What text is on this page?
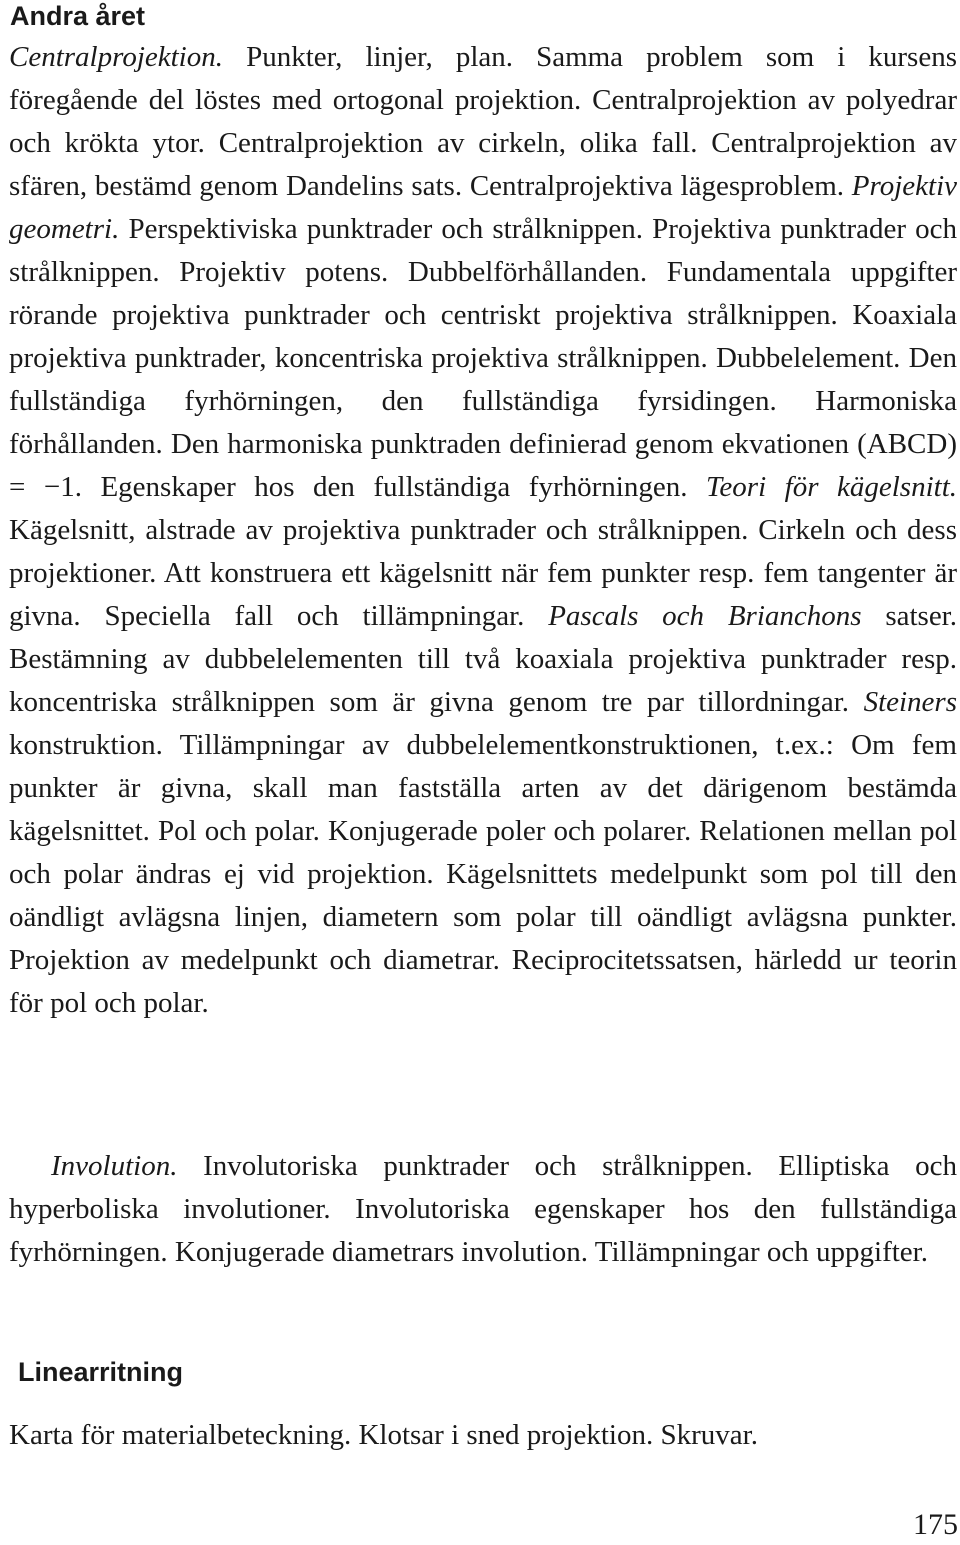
Andra året

Centralprojektion. Punkter, linjer, plan. Samma problem som i kursens föregående del löstes med ortogonal projektion. Centralprojektion av polyedrar och krökta ytor. Centralprojektion av cirkeln, olika fall. Centralprojektion av sfären, bestämd genom Dandelins sats. Centralprojektiva lägesproblem. Projektiv geometri. Perspektiviska punktrader och strålknippen. Projektiva punktrader och strålknippen. Projektiv potens. Dubbelförhållanden. Fundamentala uppgifter rörande projektiva punktrader och centriskt projektiva strålknippen. Koaxiala projektiva punktrader, koncentriska projektiva strålknippen. Dubbelelement. Den fullständiga fyrhörningen, den fullständiga fyrsidingen. Harmoniska förhållanden. Den harmoniska punktraden definierad genom ekvationen (ABCD) = −1. Egenskaper hos den fullständiga fyrhörningen. Teori för kägelsnitt. Kägelsnitt, alstrade av projektiva punktrader och strålknippen. Cirkeln och dess projektioner. Att konstruera ett kägelsnitt när fem punkter resp. fem tangenter är givna. Speciella fall och tillämpningar. Pascals och Brianchons satser. Bestämning av dubbelelementen till två koaxiala projektiva punktrader resp. koncentriska strålknippen som är givna genom tre par tillordningar. Steiners konstruktion. Tillämpningar av dubbelelementkonstruktionen, t.ex.: Om fem punkter är givna, skall man fastställa arten av det därigenom bestämda kägelsnittet. Pol och polar. Konjugerade poler och polarer. Relationen mellan pol och polar ändras ej vid projektion. Kägelsnittets medelpunkt som pol till den oändligt avlägsna linjen, diametern som polar till oändligt avlägsna punkter. Projektion av medelpunkt och diametrar. Reciprocitetssatsen, härledd ur teorin för pol och polar.

Involution. Involutoriska punktrader och strålknippen. Elliptiska och hyperboliska involutioner. Involutoriska egenskaper hos den fullständiga fyrhörningen. Konjugerade diametrars involution. Tillämpningar och uppgifter.

Linearritning

Karta för materialbeteckning. Klotsar i sned projektion. Skruvar.

175
